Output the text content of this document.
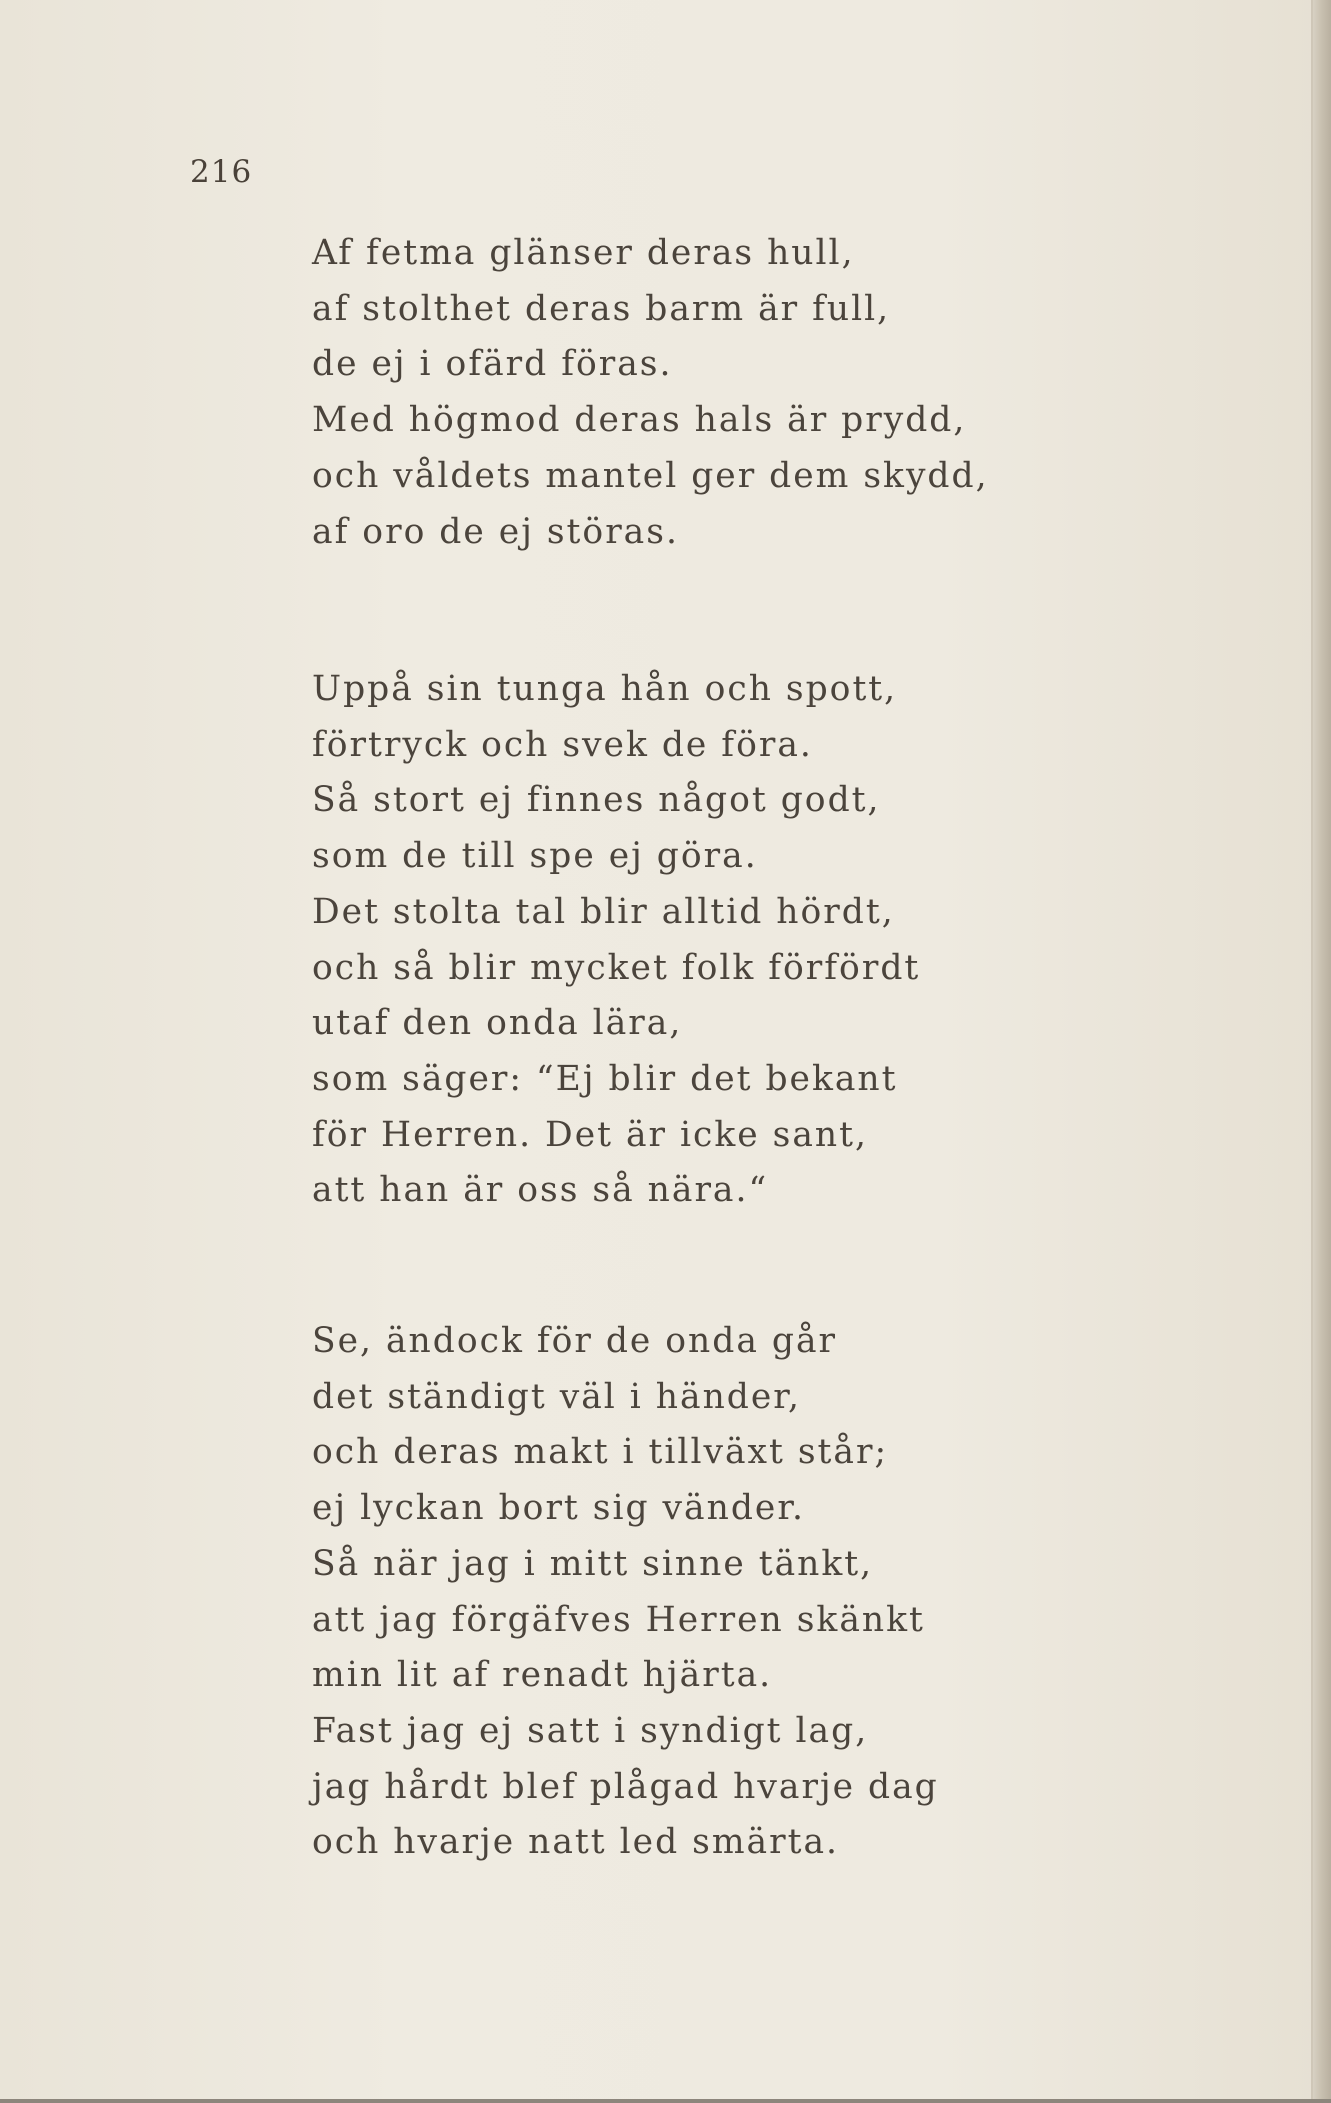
216
Af fetma glänser deras hull,
af stolthet deras barm är full,
de ej i ofärd föras.
Med högmod deras hals är prydd,
och våldets mantel ger dem skydd,
af oro de ej störas.
Uppå sin tunga hån och spott,
förtryck och svek de föra.
Så stort ej finnes något godt,
som de till spe ej göra.
Det stolta tal blir alltid hördt,
och så blir mycket folk förfördt
utaf den onda lära,
som säger: “Ej blir det bekant
för Herren. Det är icke sant,
att han är oss så nära.“
Se, ändock för de onda går
det ständigt väl i händer,
och deras makt i tillväxt står;
ej lyckan bort sig vänder.
Så när jag i mitt sinne tänkt,
att jag förgäfves Herren skänkt
min lit af renadt hjärta.
Fast jag ej satt i syndigt lag,
jag hårdt blef plågad hvarje dag
och hvarje natt led smärta.
